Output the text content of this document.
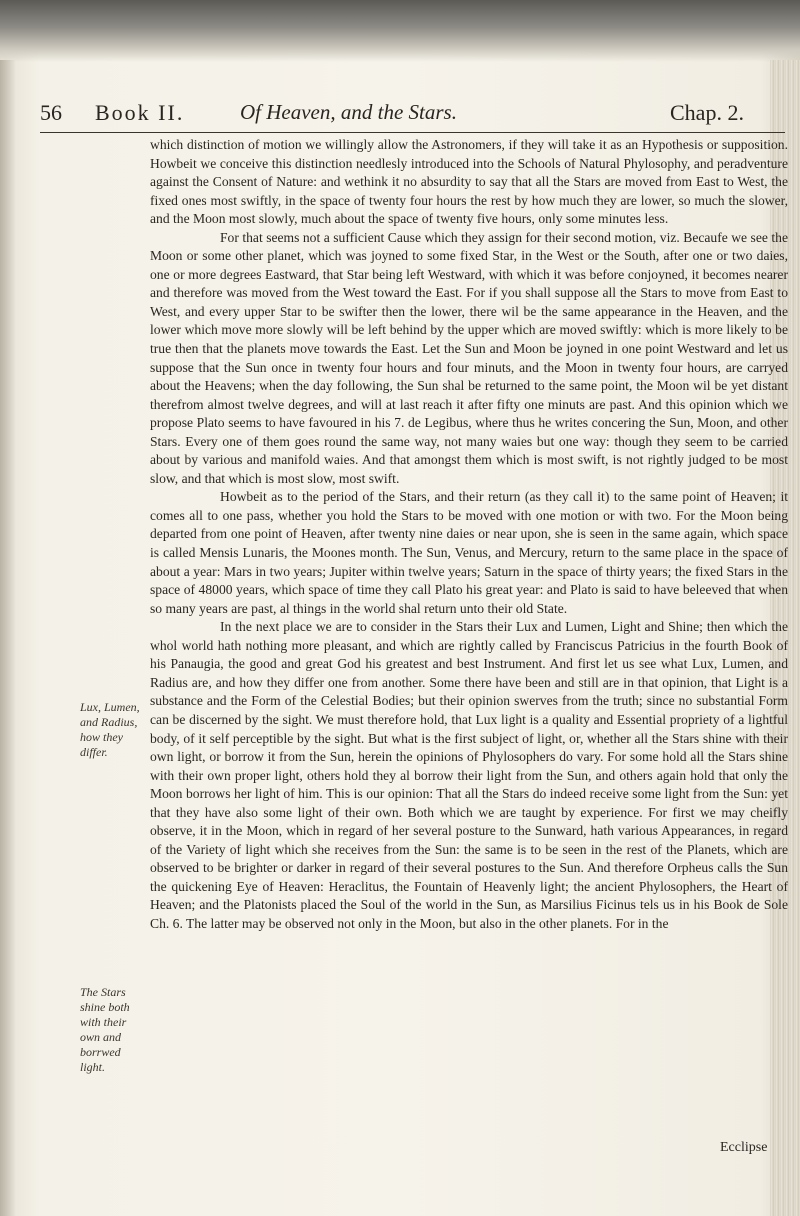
56 Book II.	Of Heaven, and the Stars.	Chap. 2.

which distinction of motion we willingly allow the Astronomers, if they will take it as an Hypothesis or supposition. Howbeit we conceive this distinction needlesly introduced into the Schools of Natural Phylosophy, and peradventure against the Consent of Nature: and wethink it no absurdity to say that all the Stars are moved from East to West, the fixed ones most swiftly, in the space of twenty four hours the rest by how much they are lower, so much the slower, and the Moon most slowly, much about the space of twenty five hours, only some minutes less.

For that seems not a sufficient Cause which they assign for their second motion, viz. Becaufe we see the Moon or some other planet, which was joyned to some fixed Star, in the West or the South, after one or two daies, one or more degrees Eastward, that Star being left Westward, with which it was before conjoyned, it becomes nearer and therefore was moved from the West toward the East. For if you shall suppose all the Stars to move from East to West, and every upper Star to be swifter then the lower, there wil be the same appearance in the Heaven, and the lower which move more slowly will be left behind by the upper which are moved swiftly: which is more likely to be true then that the planets move towards the East. Let the Sun and Moon be joyned in one point Westward and let us suppose that the Sun once in twenty four hours and four minuts, and the Moon in twenty four hours, are carryed about the Heavens; when the day following, the Sun shal be returned to the same point, the Moon wil be yet distant therefrom almost twelve degrees, and will at last reach it after fifty one minuts are past. And this opinion which we propose Plato seems to have favoured in his 7. de Legibus, where thus he writes concering the Sun, Moon, and other Stars. Every one of them goes round the same way, not many waies but one way: though they seem to be carried about by various and manifold waies. And that amongst them which is most swift, is not rightly judged to be most slow, and that which is most slow, most swift.

Howbeit as to the period of the Stars, and their return (as they call it) to the same point of Heaven; it comes all to one pass, whether you hold the Stars to be moved with one motion or with two. For the Moon being departed from one point of Heaven, after twenty nine daies or near upon, she is seen in the same again, which space is called Mensis Lunaris, the Moones month. The Sun, Venus, and Mercury, return to the same place in the space of about a year: Mars in two years; Jupiter within twelve years; Saturn in the space of thirty years; the fixed Stars in the space of 48000 years, which space of time they call Plato his great year: and Plato is said to have beleeved that when so many years are past, al things in the world shal return unto their old State.

In the next place we are to consider in the Stars their Lux and Lumen, Light and Shine; then which the whol world hath nothing more pleasant, and which are rightly called by Franciscus Patricius in the fourth Book of his Panaugia, the good and great God his greatest and best Instrument. And first let us see what Lux, Lumen, and Radius are, and how they differ one from another. Some there have been and still are in that opinion, that Light is a substance and the Form of the Celestial Bodies; but their opinion swerves from the truth; since no substantial Form can be discerned by the sight. We must therefore hold, that Lux light is a quality and Essential propriety of a lightful body, of it self perceptible by the sight. But what is the first subject of light, or, whether all the Stars shine with their own light, or borrow it from the Sun, herein the opinions of Phylosophers do vary. For some hold all the Stars shine with their own proper light, others hold they al borrow their light from the Sun, and others again hold that only the Moon borrows her light of him. This is our opinion: That all the Stars do indeed receive some light from the Sun: yet that they have also some light of their own. Both which we are taught by experience. For first we may cheifly observe, it in the Moon, which in regard of her several posture to the Sunward, hath various Appearances, in regard of the Variety of light which she receives from the Sun: the same is to be seen in the rest of the Planets, which are observed to be brighter or darker in regard of their several postures to the Sun. And therefore Orpheus calls the Sun the quickening Eye of Heaven: Heraclitus, the Fountain of Heavenly light; the ancient Phylosophers, the Heart of Heaven; and the Platonists placed the Soul of the world in the Sun, as Marsilius Ficinus tels us in his Book de Sole Ch. 6. The latter may be observed not only in the Moon, but also in the other planets. For in the

Lux, Lumen, and Radius, how they differ.
The Stars shine both with their own and borrwed light.
Ecclipse
